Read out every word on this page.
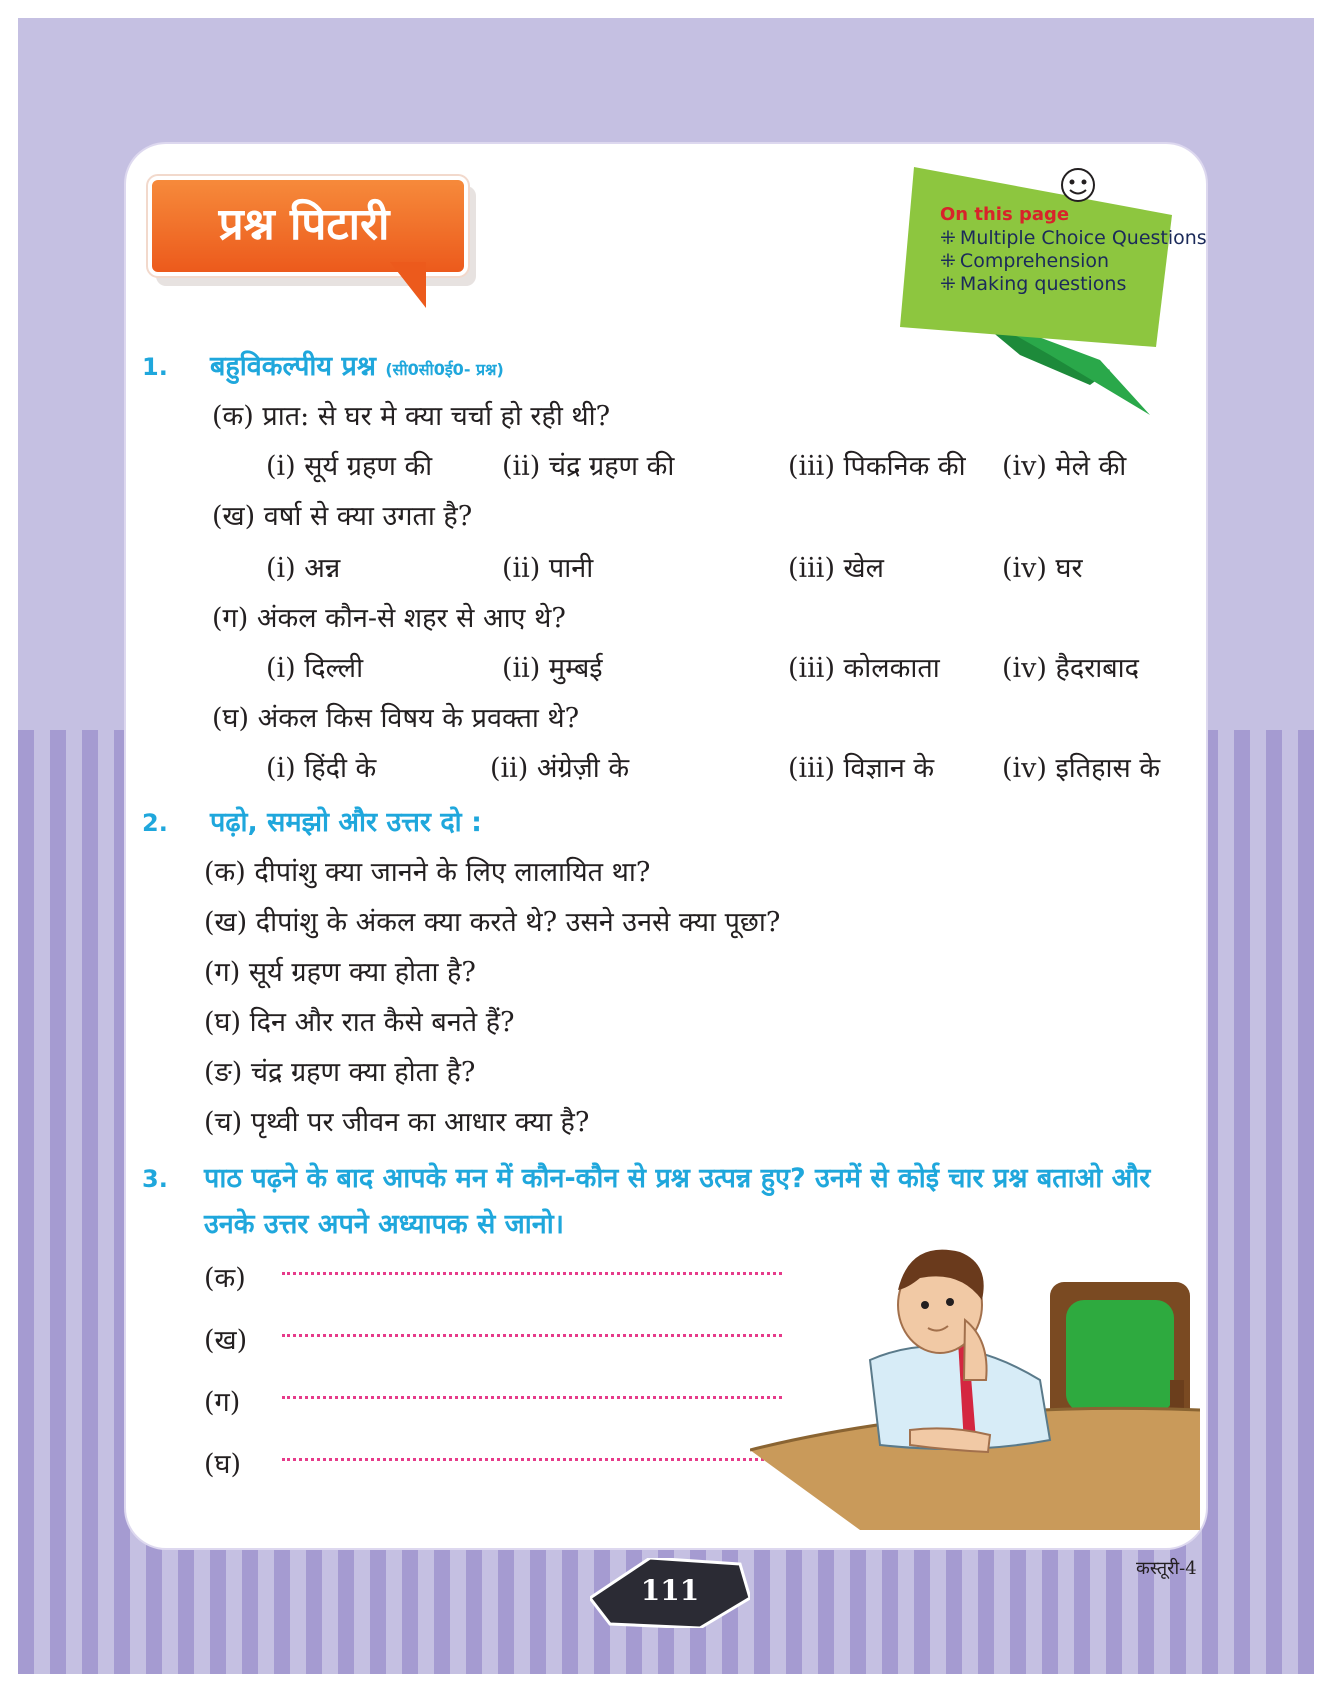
प्रश्न पिटारी	On this page
⁜ Multiple Choice Questions
⁜ Comprehension
⁜ Making questions
1. बहुविकल्पीय प्रश्न (सी0सी0ई0- प्रश्न)
(क) प्रात: से घर मे क्या चर्चा हो रही थी?
(i) सूर्य ग्रहण की	(ii) चंद्र ग्रहण की	(iii) पिकनिक की (iv) मेले की
(ख) वर्षा से क्या उगता है?
(i) अन्न	(ii) पानी	(iii) खेल	(iv) घर
(ग) अंकल कौन-से शहर से आए थे?
(i) दिल्ली	(ii) मुम्बई	(iii) कोलकाता (iv) हैदराबाद
(घ) अंकल किस विषय के प्रवक्ता थे?
(i) हिंदी के	(ii) अंग्रेज़ी के	(iii) विज्ञान के	(iv) इतिहास के
2. पढ़ो, समझो और उत्तर दो :
(क) दीपांशु क्या जानने के लिए लालायित था?
(ख) दीपांशु के अंकल क्या करते थे? उसने उनसे क्या पूछा?
(ग) सूर्य ग्रहण क्या होता है?
(घ) दिन और रात कैसे बनते हैं?
(ङ) चंद्र ग्रहण क्या होता है?
(च) पृथ्वी पर जीवन का आधार क्या है?
3. पाठ पढ़ने के बाद आपके मन में कौन-कौन से प्रश्न उत्पन्न हुए? उनमें से कोई चार प्रश्न बताओ और उनके उत्तर अपने अध्यापक से जानो।
(क)
(ख)
(ग)
(घ)
111
कस्तूरी-4
